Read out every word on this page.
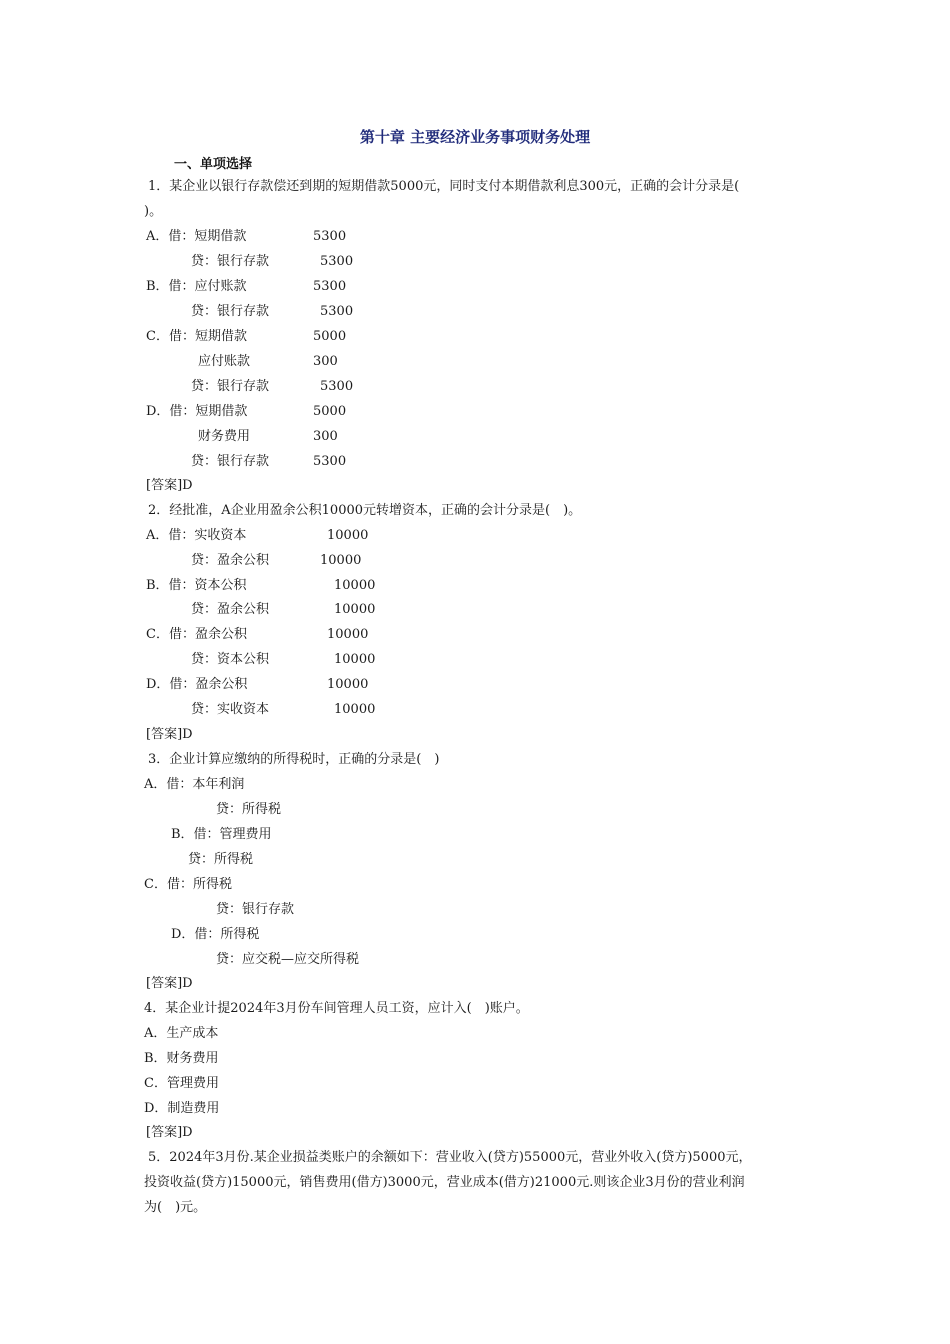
第十章 主要经济业务事项财务处理
一、单项选择
1．某企业以银行存款偿还到期的短期借款5000元，同时支付本期借款利息300元，正确的会计分录是(
)。
A．借：短期借款	5300
贷：银行存款	5300
B．借：应付账款	5300
贷：银行存款	5300
C．借：短期借款	5000
应付账款	300
贷：银行存款	5300
D．借：短期借款	5000
财务费用	300
贷：银行存款	5300
[答案]D
2．经批准，A企业用盈余公积10000元转增资本，正确的会计分录是(　)。
A．借：实收资本	10000
贷：盈余公积	10000
B．借：资本公积	10000
贷：盈余公积	10000
C．借：盈余公积	10000
贷：资本公积	10000
D．借：盈余公积	10000
贷：实收资本	10000
[答案]D
3．企业计算应缴纳的所得税时，正确的分录是(　)
A．借：本年利润
贷：所得税
B．借：管理费用
贷：所得税
C．借：所得税
贷：银行存款
D．借：所得税
贷：应交税—应交所得税
[答案]D
4．某企业计提2024年3月份车间管理人员工资，应计入(　)账户。
A．生产成本
B．财务费用
C．管理费用
D．制造费用
[答案]D
5．2024年3月份.某企业损益类账户的余额如下：营业收入(贷方)55000元，营业外收入(贷方)5000元，
投资收益(贷方)15000元，销售费用(借方)3000元，营业成本(借方)21000元.则该企业3月份的营业利润
为(　)元。
